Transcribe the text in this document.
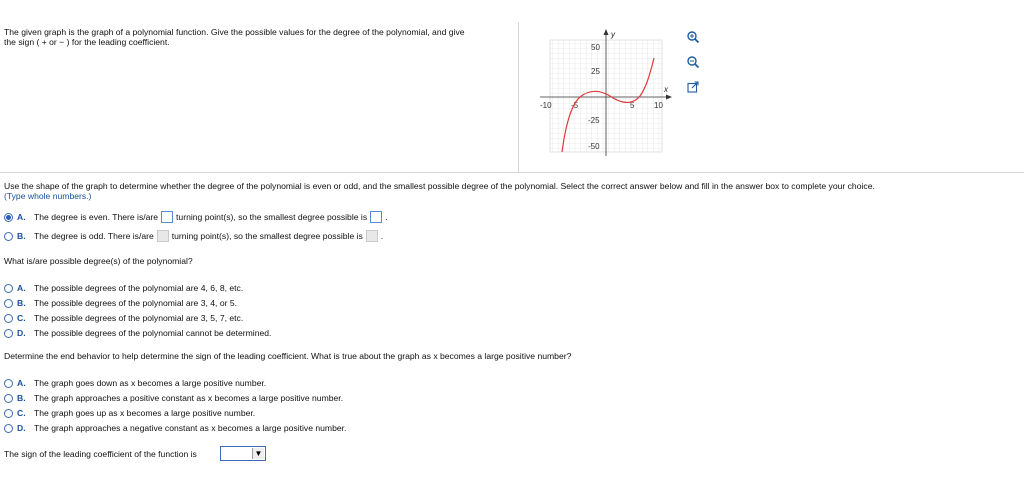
The given graph is the graph of a polynomial function. Give the possible values for the degree of the polynomial, and give
the sign ( + or − ) for the leading coefficient.
y
x
50
25
-25
-50
-10 -5	5 10
Use the shape of the graph to determine whether the degree of the polynomial is even or odd, and the smallest possible degree of the polynomial. Select the correct answer below and fill in the answer box to complete your choice.
(Type whole numbers.)
A. The degree is even. There is/are turning point(s), so the smallest degree possible is .
B. The degree is odd. There is/are turning point(s), so the smallest degree possible is .
What is/are possible degree(s) of the polynomial?
A. The possible degrees of the polynomial are 4, 6, 8, etc.
B. The possible degrees of the polynomial are 3, 4, or 5.
C. The possible degrees of the polynomial are 3, 5, 7, etc.
D. The possible degrees of the polynomial cannot be determined.
Determine the end behavior to help determine the sign of the leading coefficient. What is true about the graph as x becomes a large positive number?
A. The graph goes down as x becomes a large positive number.
B. The graph approaches a positive constant as x becomes a large positive number.
C. The graph goes up as x becomes a large positive number.
D. The graph approaches a negative constant as x becomes a large positive number.
The sign of the leading coefficient of the function is	▼
